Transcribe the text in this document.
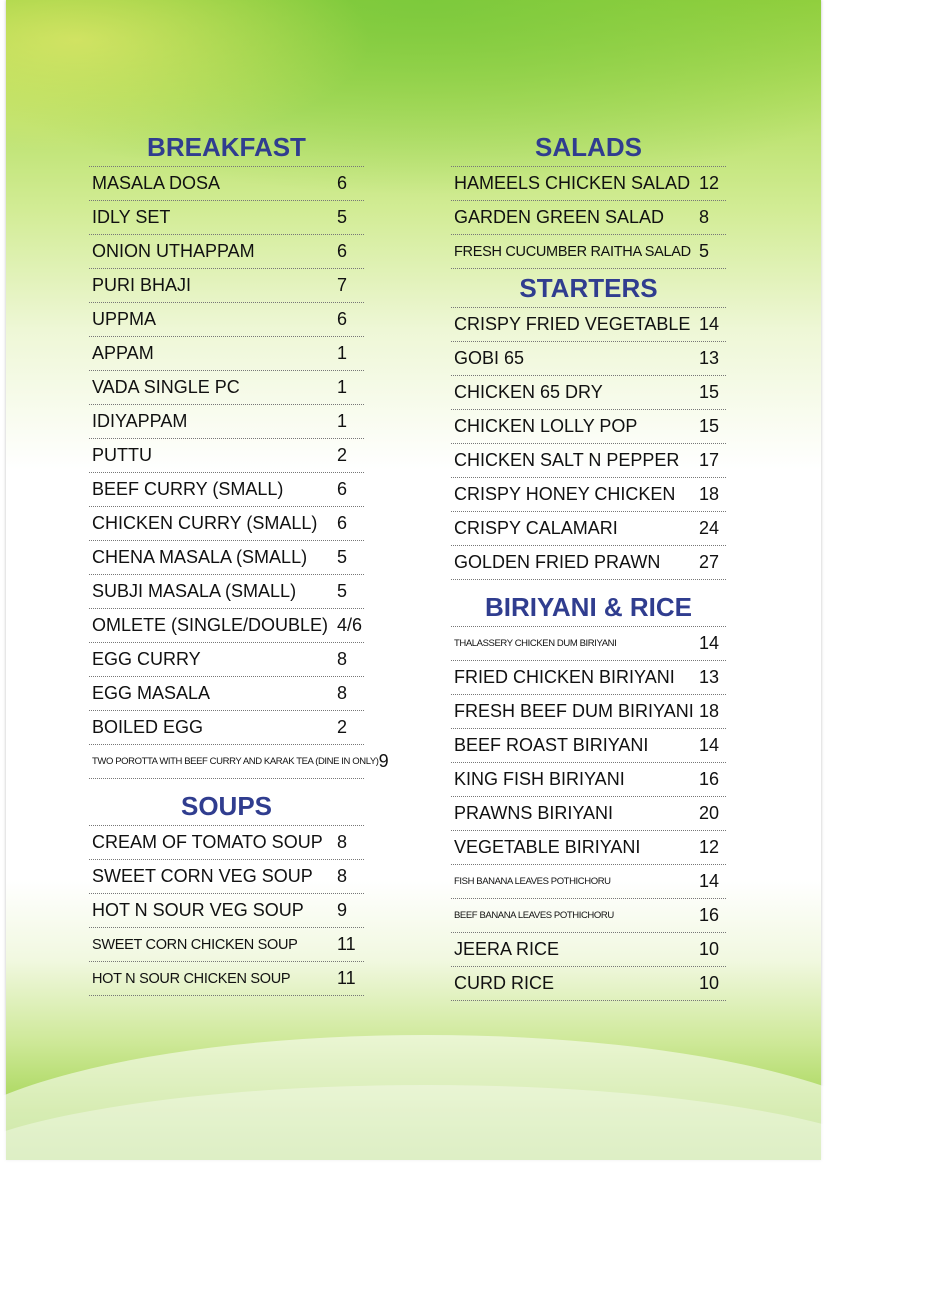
BREAKFAST
MASALA DOSA	6
IDLY SET	5
ONION UTHAPPAM	6
PURI BHAJI	7
UPPMA	6
APPAM	1
VADA SINGLE PC	1
IDIYAPPAM	1
PUTTU	2
BEEF CURRY (SMALL)	6
CHICKEN CURRY (SMALL)	6
CHENA MASALA (SMALL)	5
SUBJI MASALA (SMALL)	5
OMLETE (SINGLE/DOUBLE) 4/6
EGG CURRY	8
EGG MASALA	8
BOILED EGG	2
TWO POROTTA WITH BEEF CURRY AND KARAK TEA (DINE IN ONLY) 9
SOUPS
CREAM OF TOMATO SOUP 8
SWEET CORN VEG SOUP	8
HOT N SOUR VEG SOUP	9
SWEET CORN CHICKEN SOUP	11
HOT N SOUR CHICKEN SOUP	11
SALADS
HAMEELS CHICKEN SALAD 12
GARDEN GREEN SALAD	8
FRESH CUCUMBER RAITHA SALAD 5
STARTERS
CRISPY FRIED VEGETABLE 14
GOBI 65	13
CHICKEN 65 DRY	15
CHICKEN LOLLY POP	15
CHICKEN SALT N PEPPER	17
CRISPY HONEY CHICKEN	18
CRISPY CALAMARI	24
GOLDEN FRIED PRAWN	27
BIRIYANI & RICE
THALASSERY CHICKEN DUM BIRIYANI	14
FRIED CHICKEN BIRIYANI	13
FRESH BEEF DUM BIRIYANI 18
BEEF ROAST BIRIYANI	14
KING FISH BIRIYANI	16
PRAWNS BIRIYANI	20
VEGETABLE BIRIYANI	12
FISH BANANA LEAVES POTHICHORU	14
BEEF BANANA LEAVES POTHICHORU	16
JEERA RICE	10
CURD RICE	10
